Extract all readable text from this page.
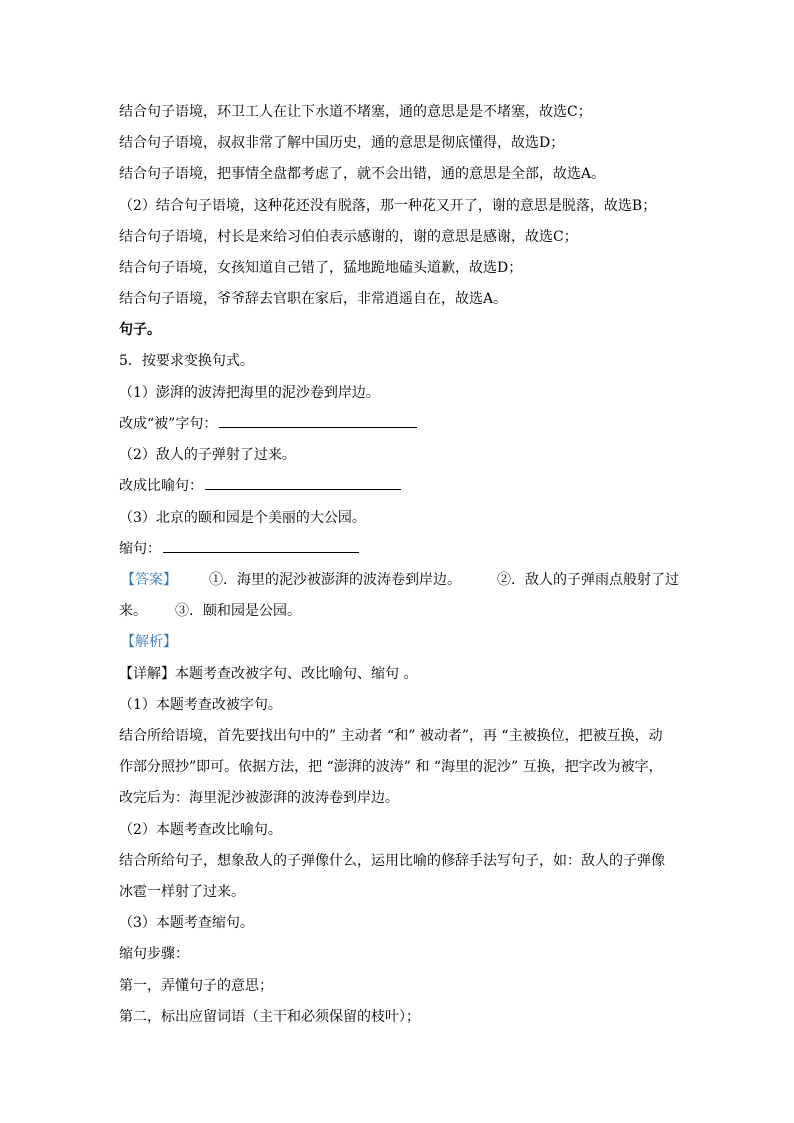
结合句子语境，环卫工人在让下水道不堵塞，通的意思是是不堵塞，故选C；
结合句子语境，叔叔非常了解中国历史，通的意思是彻底懂得，故选D；
结合句子语境，把事情全盘都考虑了，就不会出错，通的意思是全部，故选A。
（2）结合句子语境，这种花还没有脱落，那一种花又开了，谢的意思是脱落，故选B；
结合句子语境，村长是来给习伯伯表示感谢的，谢的意思是感谢，故选C；
结合句子语境，女孩知道自己错了，猛地跪地磕头道歉，故选D；
结合句子语境，爷爷辞去官职在家后，非常逍遥自在，故选A。
句子。
5．按要求变换句式。
（1）澎湃的波涛把海里的泥沙卷到岸边。
改成“被”字句：
（2）敌人的子弹射了过来。
改成比喻句：
（3）北京的颐和园是个美丽的大公园。
缩句：
【答案】 ①．海里的泥沙被澎湃的波涛卷到岸边。	②．敌人的子弹雨点般射了过
来。 ③．颐和园是公园。
【解析】
【详解】本题考查改被字句、改比喻句、缩句 。
（1）本题考查改被字句。
结合所给语境，首先要找出句中的” 主动者 “和” 被动者”，再 “主被换位，把被互换，动
作部分照抄”即可。依据方法，把 “澎湃的波涛” 和 “海里的泥沙” 互换，把字改为被字，
改完后为：海里泥沙被澎湃的波涛卷到岸边。
（2）本题考查改比喻句。
结合所给句子，想象敌人的子弹像什么，运用比喻的修辞手法写句子，如：敌人的子弹像
冰雹一样射了过来。
（3）本题考查缩句。
缩句步骤：
第一，弄懂句子的意思；
第二，标出应留词语（主干和必须保留的枝叶）；
